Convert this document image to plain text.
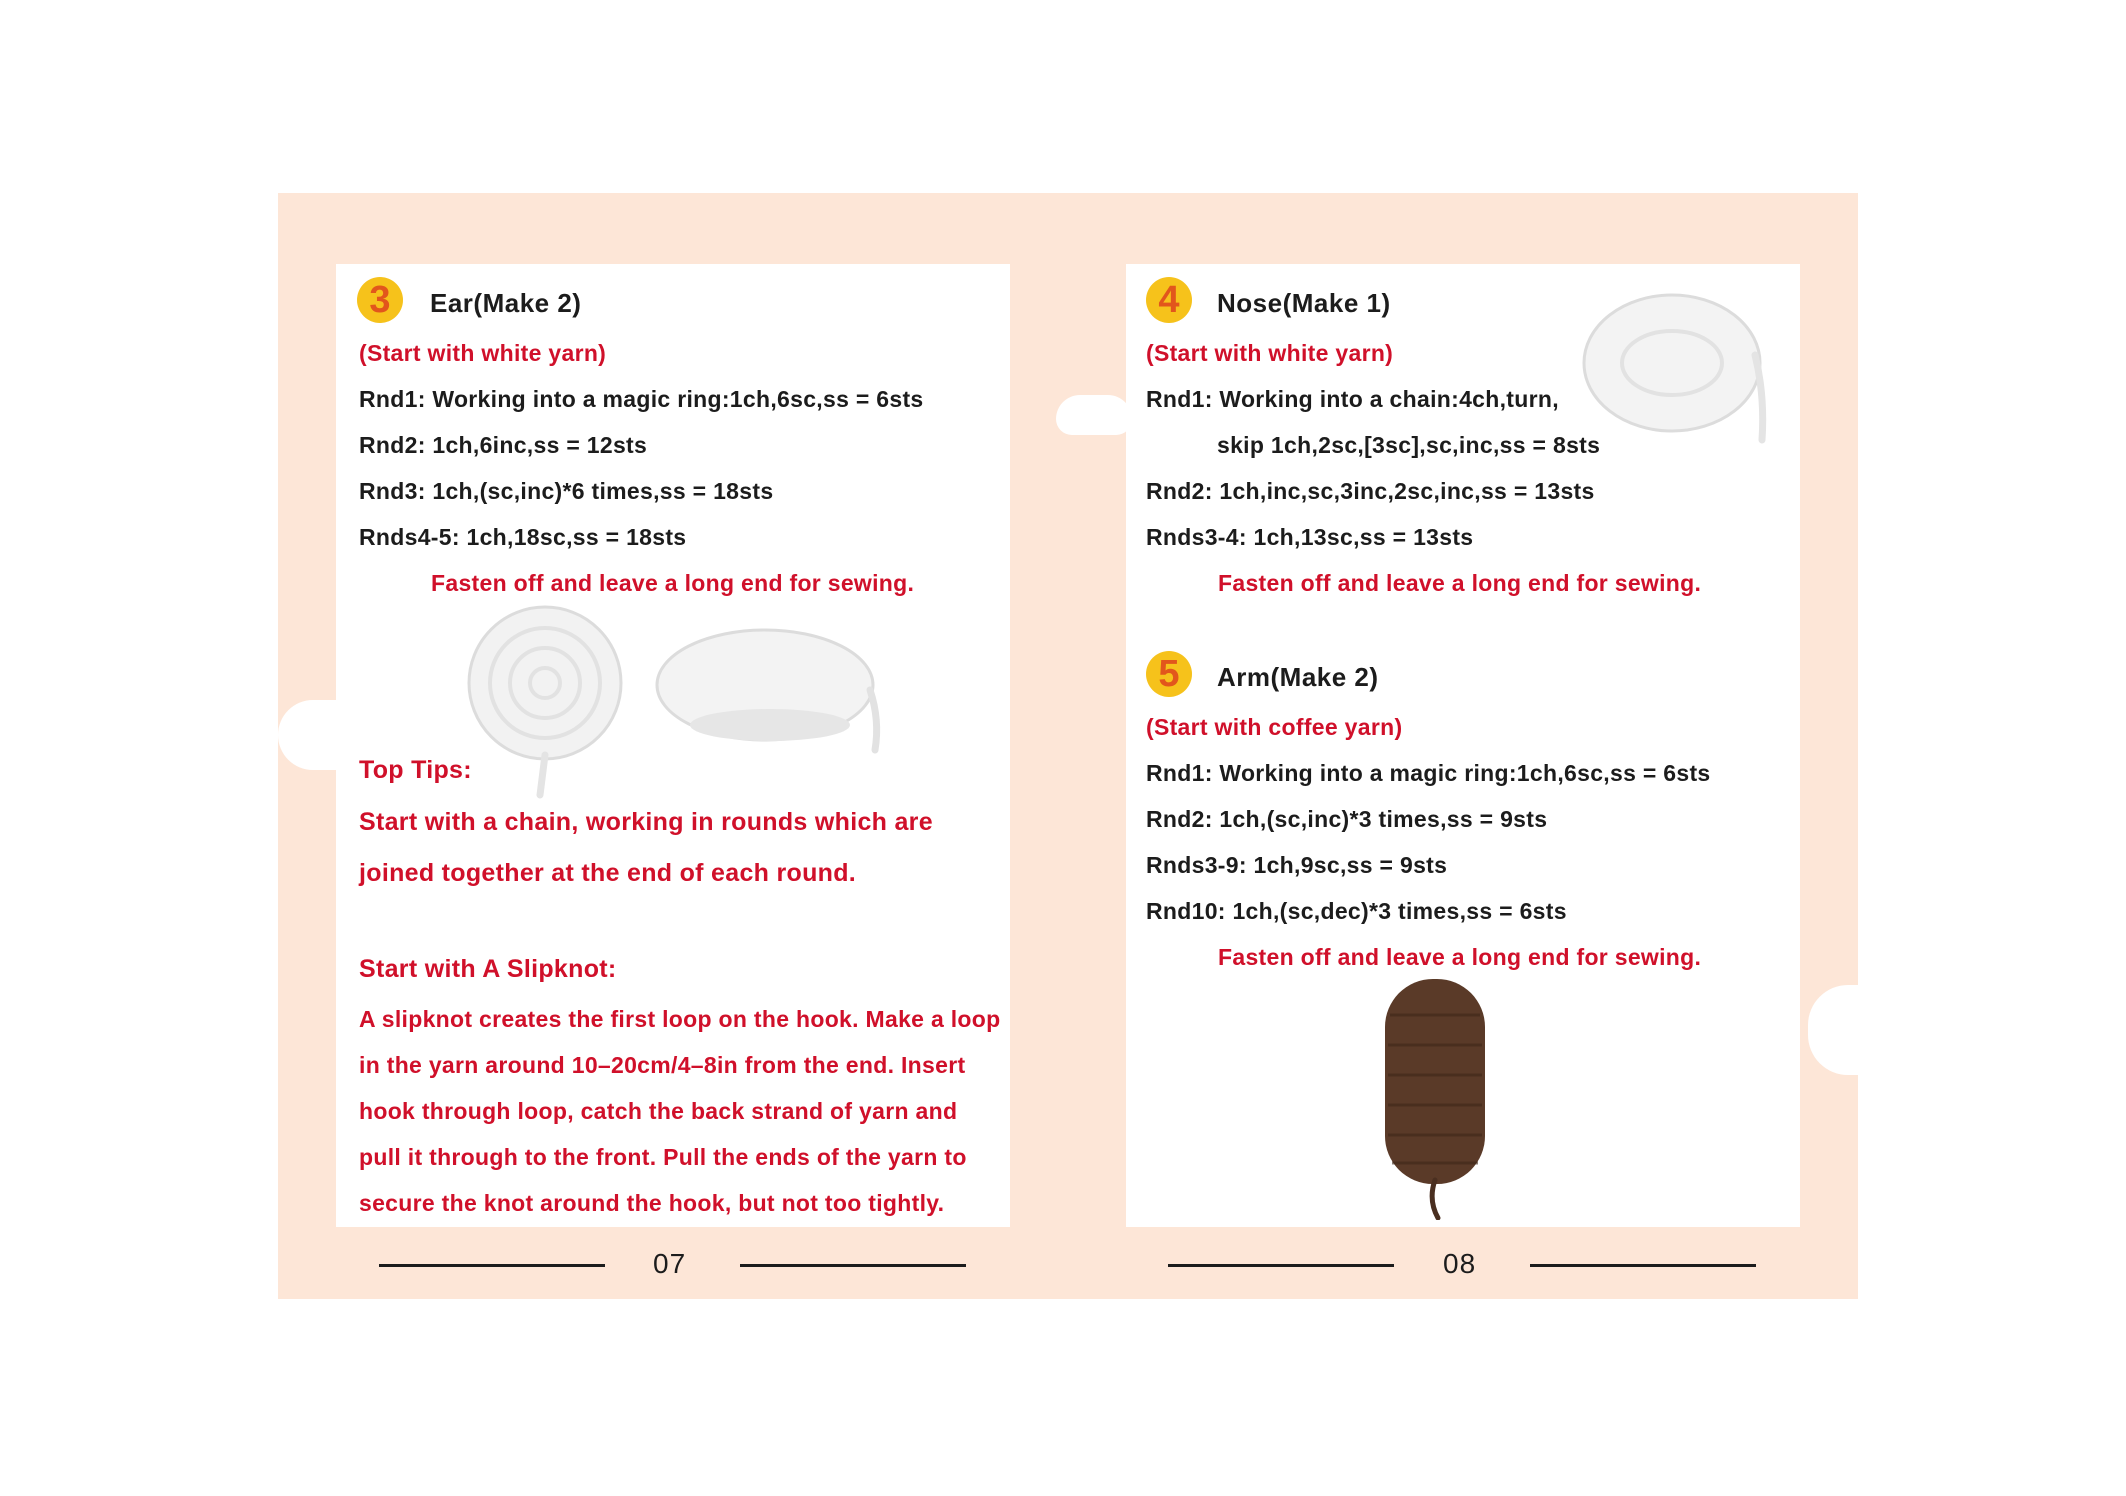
3	Ear(Make 2)
(Start with white yarn)
Rnd1: Working into a magic ring:1ch,6sc,ss = 6sts
Rnd2: 1ch,6inc,ss = 12sts
Rnd3: 1ch,(sc,inc)*6 times,ss = 18sts
Rnds4-5: 1ch,18sc,ss = 18sts
Fasten off and leave a long end for sewing.
Top Tips:
Start with a chain, working in rounds which are
joined together at the end of each round.
Start with A Slipknot:
A slipknot creates the first loop on the hook. Make a loop
in the yarn around 10–20cm/4–8in from the end. Insert
hook through loop, catch the back strand of yarn and
pull it through to the front. Pull the ends of the yarn to
secure the knot around the hook, but not too tightly.
07
4	Nose(Make 1)
(Start with white yarn)
Rnd1: Working into a chain:4ch,turn,
skip 1ch,2sc,[3sc],sc,inc,ss = 8sts
Rnd2: 1ch,inc,sc,3inc,2sc,inc,ss = 13sts
Rnds3-4: 1ch,13sc,ss = 13sts
Fasten off and leave a long end for sewing.
5	Arm(Make 2)
(Start with coffee yarn)
Rnd1: Working into a magic ring:1ch,6sc,ss = 6sts
Rnd2: 1ch,(sc,inc)*3 times,ss = 9sts
Rnds3-9: 1ch,9sc,ss = 9sts
Rnd10: 1ch,(sc,dec)*3 times,ss = 6sts
Fasten off and leave a long end for sewing.
08
